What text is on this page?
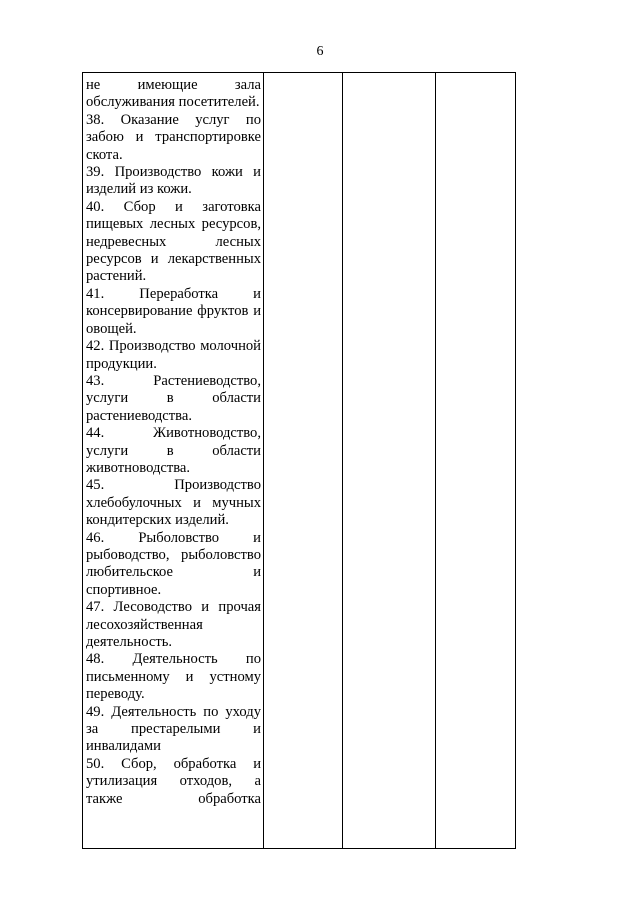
6

не имеющие зала обслуживания посетителей.

38. Оказание услуг по забою и транспортировке скота.

39. Производство кожи и изделий из кожи.

40. Сбор и заготовка пищевых лесных ресурсов, недревесных лесных ресурсов и лекарственных растений.

41. Переработка и консервирование фруктов и овощей.

42. Производство молочной продукции.

43. Растениеводство, услуги в области растениеводства.

44. Животноводство, услуги в области животноводства.

45. Производство хлебобулочных и мучных кондитерских изделий.

46. Рыболовство и рыбоводство, рыболовство любительское и спортивное.

47. Лесоводство и прочая лесохозяйственная деятельность.

48. Деятельность по письменному и устному переводу.

49. Деятельность по уходу за престарелыми и инвалидами

50. Сбор, обработка и утилизация отходов, а также обработка
